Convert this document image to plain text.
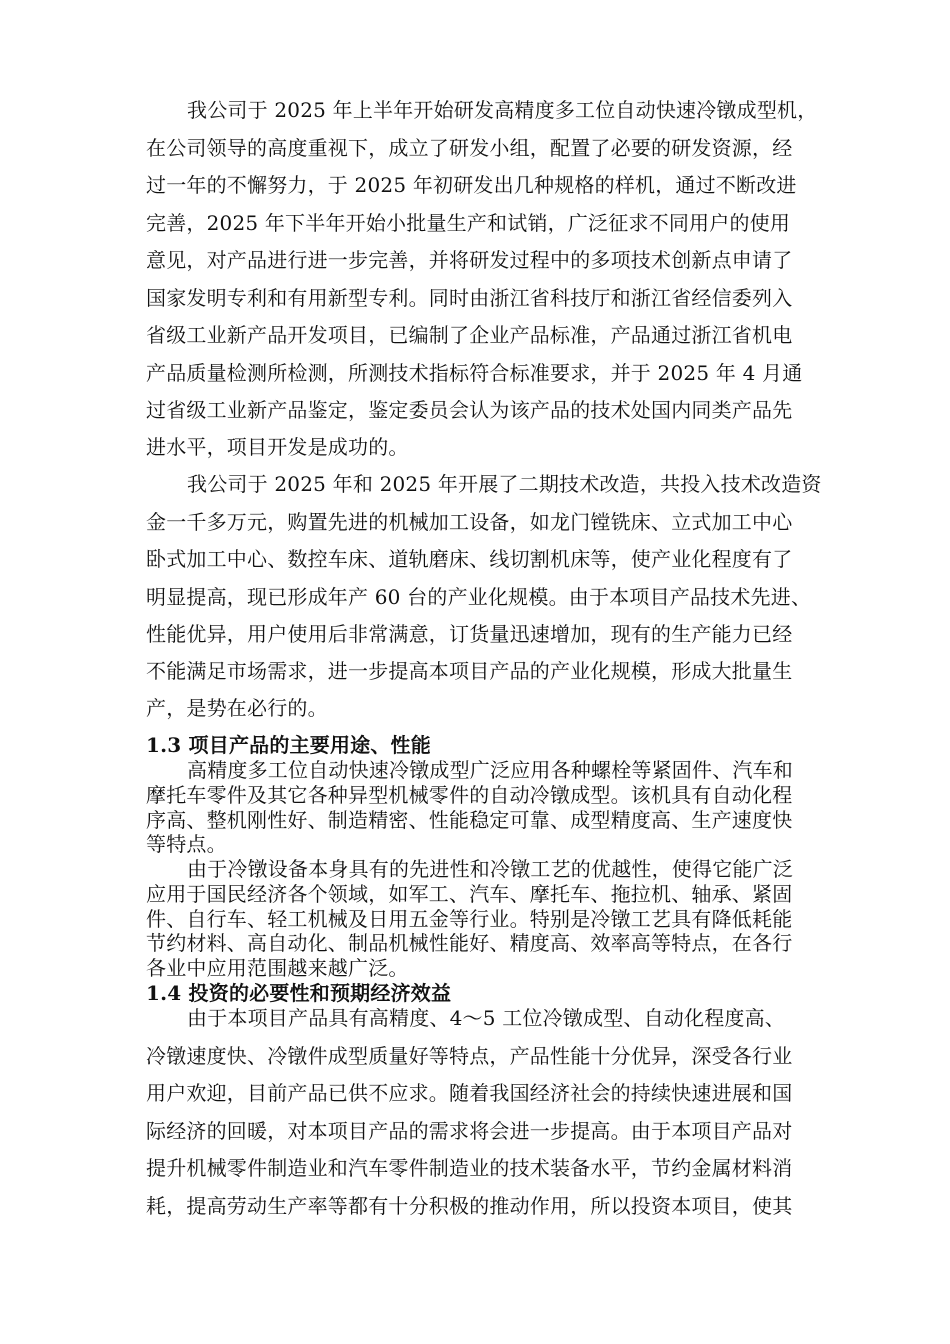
我公司于 2025 年上半年开始研发高精度多工位自动快速冷镦成型机，
在公司领导的高度重视下，成立了研发小组，配置了必要的研发资源，经
过一年的不懈努力，于 2025 年初研发出几种规格的样机，通过不断改进
完善，2025 年下半年开始小批量生产和试销，广泛征求不同用户的使用
意见，对产品进行进一步完善，并将研发过程中的多项技术创新点申请了
国家发明专利和有用新型专利。同时由浙江省科技厅和浙江省经信委列入
省级工业新产品开发项目，已编制了企业产品标准，产品通过浙江省机电
产品质量检测所检测，所测技术指标符合标准要求，并于 2025 年 4 月通
过省级工业新产品鉴定，鉴定委员会认为该产品的技术处国内同类产品先
进水平，项目开发是成功的。
我公司于 2025 年和 2025 年开展了二期技术改造，共投入技术改造资
金一千多万元，购置先进的机械加工设备，如龙门镗铣床、立式加工中心
卧式加工中心、数控车床、道轨磨床、线切割机床等，使产业化程度有了
明显提高，现已形成年产 60 台的产业化规模。由于本项目产品技术先进、
性能优异，用户使用后非常满意，订货量迅速增加，现有的生产能力已经
不能满足市场需求，进一步提高本项目产品的产业化规模，形成大批量生
产，是势在必行的。
1.3 项目产品的主要用途、性能
高精度多工位自动快速冷镦成型广泛应用各种螺栓等紧固件、汽车和
摩托车零件及其它各种异型机械零件的自动冷镦成型。该机具有自动化程
序高、整机刚性好、制造精密、性能稳定可靠、成型精度高、生产速度快
等特点。
由于冷镦设备本身具有的先进性和冷镦工艺的优越性，使得它能广泛
应用于国民经济各个领域，如军工、汽车、摩托车、拖拉机、轴承、紧固
件、自行车、轻工机械及日用五金等行业。特别是冷镦工艺具有降低耗能
节约材料、高自动化、制品机械性能好、精度高、效率高等特点，在各行
各业中应用范围越来越广泛。
1.4 投资的必要性和预期经济效益
由于本项目产品具有高精度、4～5 工位冷镦成型、自动化程度高、
冷镦速度快、冷镦件成型质量好等特点，产品性能十分优异，深受各行业
用户欢迎，目前产品已供不应求。随着我国经济社会的持续快速进展和国
际经济的回暖，对本项目产品的需求将会进一步提高。由于本项目产品对
提升机械零件制造业和汽车零件制造业的技术装备水平，节约金属材料消
耗，提高劳动生产率等都有十分积极的推动作用，所以投资本项目，使其
